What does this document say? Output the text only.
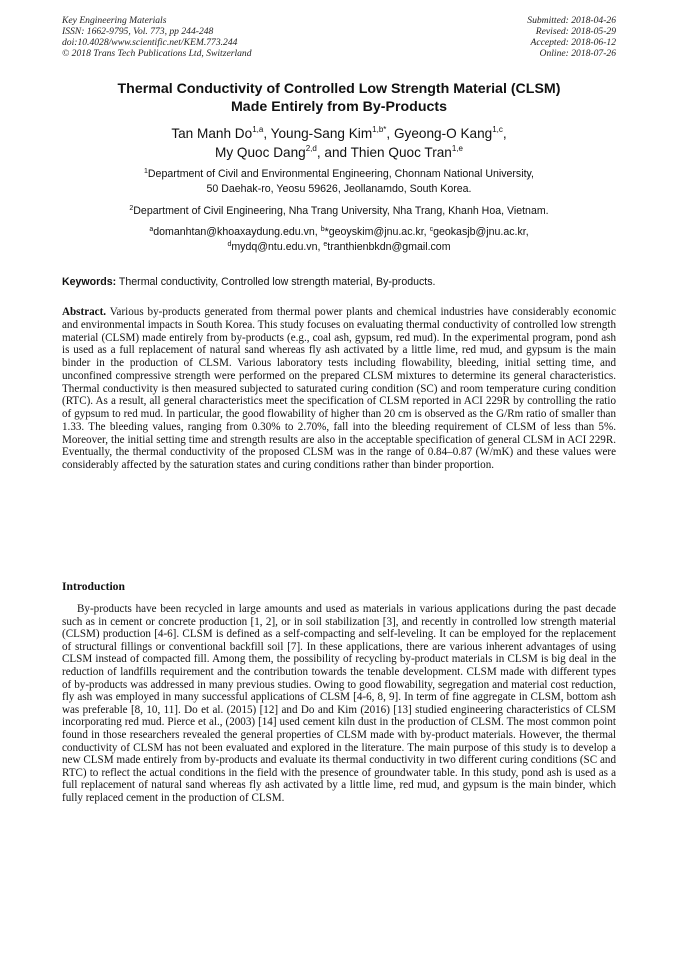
Key Engineering Materials
ISSN: 1662-9795, Vol. 773, pp 244-248
doi:10.4028/www.scientific.net/KEM.773.244
© 2018 Trans Tech Publications Ltd, Switzerland
Submitted: 2018-04-26
Revised: 2018-05-29
Accepted: 2018-06-12
Online: 2018-07-26
Thermal Conductivity of Controlled Low Strength Material (CLSM)
Made Entirely from By-Products
Tan Manh Do$^{1,a}$, Young-Sang Kim$^{1,b*}$, Gyeong-O Kang$^{1,c}$,
My Quoc Dang$^{2,d}$, and Thien Quoc Tran$^{1,e}$
$^1$Department of Civil and Environmental Engineering, Chonnam National University,
50 Daehak-ro, Yeosu 59626, Jeollanamdo, South Korea.
$^2$Department of Civil Engineering, Nha Trang University, Nha Trang, Khanh Hoa, Vietnam.
$^a$domanhtan@khoaxaydung.edu.vn, $^b$*geoyskim@jnu.ac.kr, $^c$geokasjb@jnu.ac.kr,
$^d$mydq@ntu.edu.vn, $^e$tranthienbkdn@gmail.com
Keywords: Thermal conductivity, Controlled low strength material, By-products.
Abstract. Various by-products generated from thermal power plants and chemical industries have considerably economic and environmental impacts in South Korea. This study focuses on evaluating thermal conductivity of controlled low strength material (CLSM) made entirely from by-products (e.g., coal ash, gypsum, red mud). In the experimental program, pond ash is used as a full replacement of natural sand whereas fly ash activated by a little lime, red mud, and gypsum is the main binder in the production of CLSM. Various laboratory tests including flowability, bleeding, initial setting time, and unconfined compressive strength were performed on the prepared CLSM mixtures to determine its general characteristics. Thermal conductivity is then measured subjected to saturated curing condition (SC) and room temperature curing condition (RTC). As a result, all general characteristics meet the specification of CLSM reported in ACI 229R by controlling the ratio of gypsum to red mud. In particular, the good flowability of higher than 20 cm is observed as the G/Rm ratio of smaller than 1.33. The bleeding values, ranging from 0.30% to 2.70%, fall into the bleeding requirement of CLSM of less than 5%. Moreover, the initial setting time and strength results are also in the acceptable specification of general CLSM in ACI 229R. Eventually, the thermal conductivity of the proposed CLSM was in the range of 0.84–0.87 (W/mK) and these values were considerably affected by the saturation states and curing conditions rather than binder proportion.
Introduction
By-products have been recycled in large amounts and used as materials in various applications during the past decade such as in cement or concrete production [1, 2], or in soil stabilization [3], and recently in controlled low strength material (CLSM) production [4-6]. CLSM is defined as a self-compacting and self-leveling. It can be employed for the replacement of structural fillings or conventional backfill soil [7]. In these applications, there are various inherent advantages of using CLSM instead of compacted fill. Among them, the possibility of recycling by-product materials in CLSM is big deal in the reduction of landfills requirement and the contribution towards the tenable development. CLSM made with different types of by-products was addressed in many previous studies. Owing to good flowability, segregation and material cost reduction, fly ash was employed in many successful applications of CLSM [4-6, 8, 9]. In term of fine aggregate in CLSM, bottom ash was preferable [8, 10, 11]. Do et al. (2015) [12] and Do and Kim (2016) [13] studied engineering characteristics of CLSM incorporating red mud. Pierce et al., (2003) [14] used cement kiln dust in the production of CLSM. The most common point found in those researchers revealed the general properties of CLSM made with by-product materials. However, the thermal conductivity of CLSM has not been evaluated and explored in the literature. The main purpose of this study is to develop a new CLSM made entirely from by-products and evaluate its thermal conductivity in two different curing conditions (SC and RTC) to reflect the actual conditions in the field with the presence of groundwater table. In this study, pond ash is used as a full replacement of natural sand whereas fly ash activated by a little lime, red mud, and gypsum is the main binder, which fully replaced cement in the production of CLSM.
